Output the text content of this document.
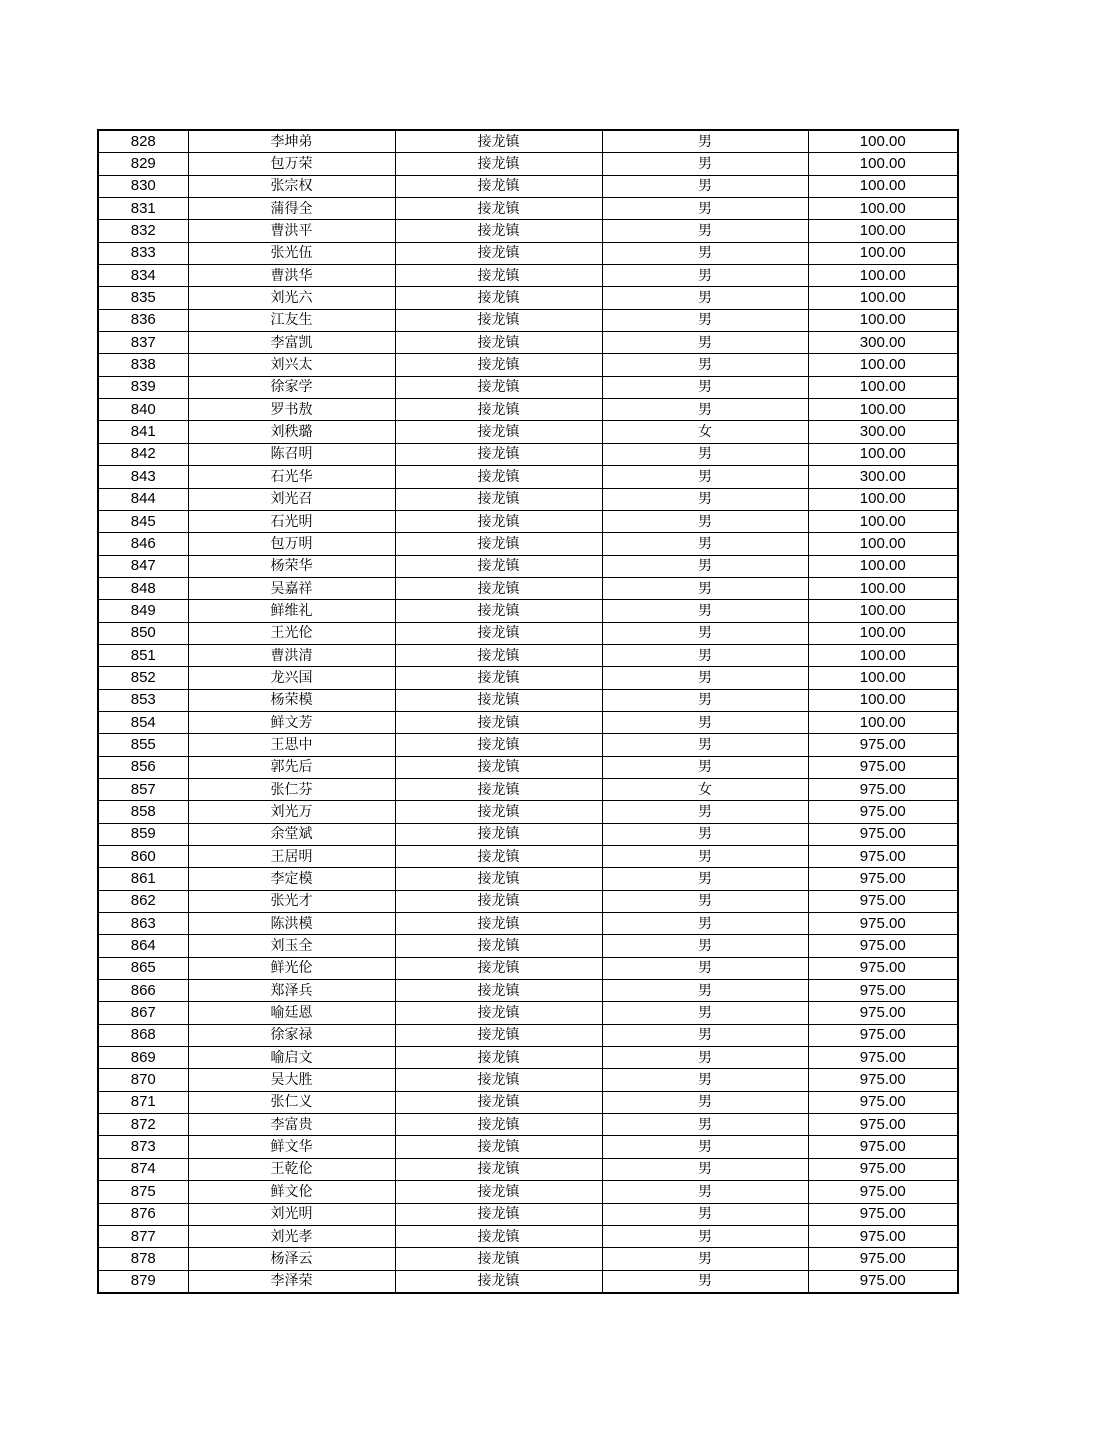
828	李坤弟	接龙镇	男	100.00
829	包万荣	接龙镇	男	100.00
830	张宗权	接龙镇	男	100.00
831	蒲得全	接龙镇	男	100.00
832	曹洪平	接龙镇	男	100.00
833	张光伍	接龙镇	男	100.00
834	曹洪华	接龙镇	男	100.00
835	刘光六	接龙镇	男	100.00
836	江友生	接龙镇	男	100.00
837	李富凯	接龙镇	男	300.00
838	刘兴太	接龙镇	男	100.00
839	徐家学	接龙镇	男	100.00
840	罗书敖	接龙镇	男	100.00
841	刘秩璐	接龙镇	女	300.00
842	陈召明	接龙镇	男	100.00
843	石光华	接龙镇	男	300.00
844	刘光召	接龙镇	男	100.00
845	石光明	接龙镇	男	100.00
846	包万明	接龙镇	男	100.00
847	杨荣华	接龙镇	男	100.00
848	吴嘉祥	接龙镇	男	100.00
849	鲜维礼	接龙镇	男	100.00
850	王光伦	接龙镇	男	100.00
851	曹洪清	接龙镇	男	100.00
852	龙兴国	接龙镇	男	100.00
853	杨荣模	接龙镇	男	100.00
854	鲜文芳	接龙镇	男	100.00
855	王思中	接龙镇	男	975.00
856	郭先后	接龙镇	男	975.00
857	张仁芬	接龙镇	女	975.00
858	刘光万	接龙镇	男	975.00
859	余堂斌	接龙镇	男	975.00
860	王居明	接龙镇	男	975.00
861	李定模	接龙镇	男	975.00
862	张光才	接龙镇	男	975.00
863	陈洪模	接龙镇	男	975.00
864	刘玉全	接龙镇	男	975.00
865	鲜光伦	接龙镇	男	975.00
866	郑泽兵	接龙镇	男	975.00
867	喻廷恩	接龙镇	男	975.00
868	徐家禄	接龙镇	男	975.00
869	喻启文	接龙镇	男	975.00
870	吴大胜	接龙镇	男	975.00
871	张仁义	接龙镇	男	975.00
872	李富贵	接龙镇	男	975.00
873	鲜文华	接龙镇	男	975.00
874	王乾伦	接龙镇	男	975.00
875	鲜文伦	接龙镇	男	975.00
876	刘光明	接龙镇	男	975.00
877	刘光孝	接龙镇	男	975.00
878	杨泽云	接龙镇	男	975.00
879	李泽荣	接龙镇	男	975.00
